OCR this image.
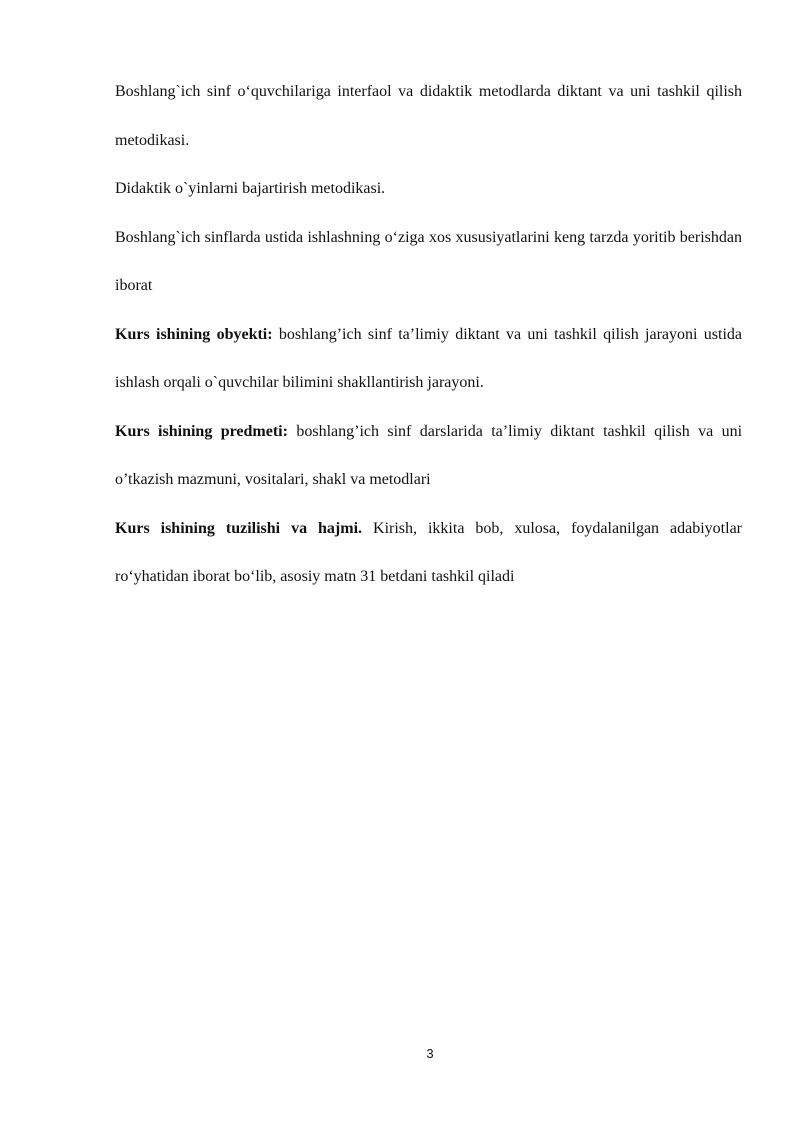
Boshlang`ich sinf o‘quvchilariga interfaol va didaktik metodlarda diktant va uni tashkil qilish metodikasi.

Didaktik o`yinlarni bajartirish metodikasi.

Boshlang`ich sinflarda ustida ishlashning o‘ziga xos xususiyatlarini keng tarzda yoritib berishdan iborat

Kurs ishining obyekti: boshlang’ich sinf ta’limiy diktant va uni tashkil qilish jarayoni ustida ishlash orqali o`quvchilar bilimini shakllantirish jarayoni.

Kurs ishining predmeti: boshlang’ich sinf darslarida ta’limiy diktant tashkil qilish va uni o’tkazish mazmuni, vositalari, shakl va metodlari

Kurs ishining tuzilishi va hajmi. Kirish, ikkita bob, xulosa, foydalanilgan adabiyotlar ro‘yhatidan iborat bo‘lib, asosiy matn 31 betdani tashkil qiladi

3
